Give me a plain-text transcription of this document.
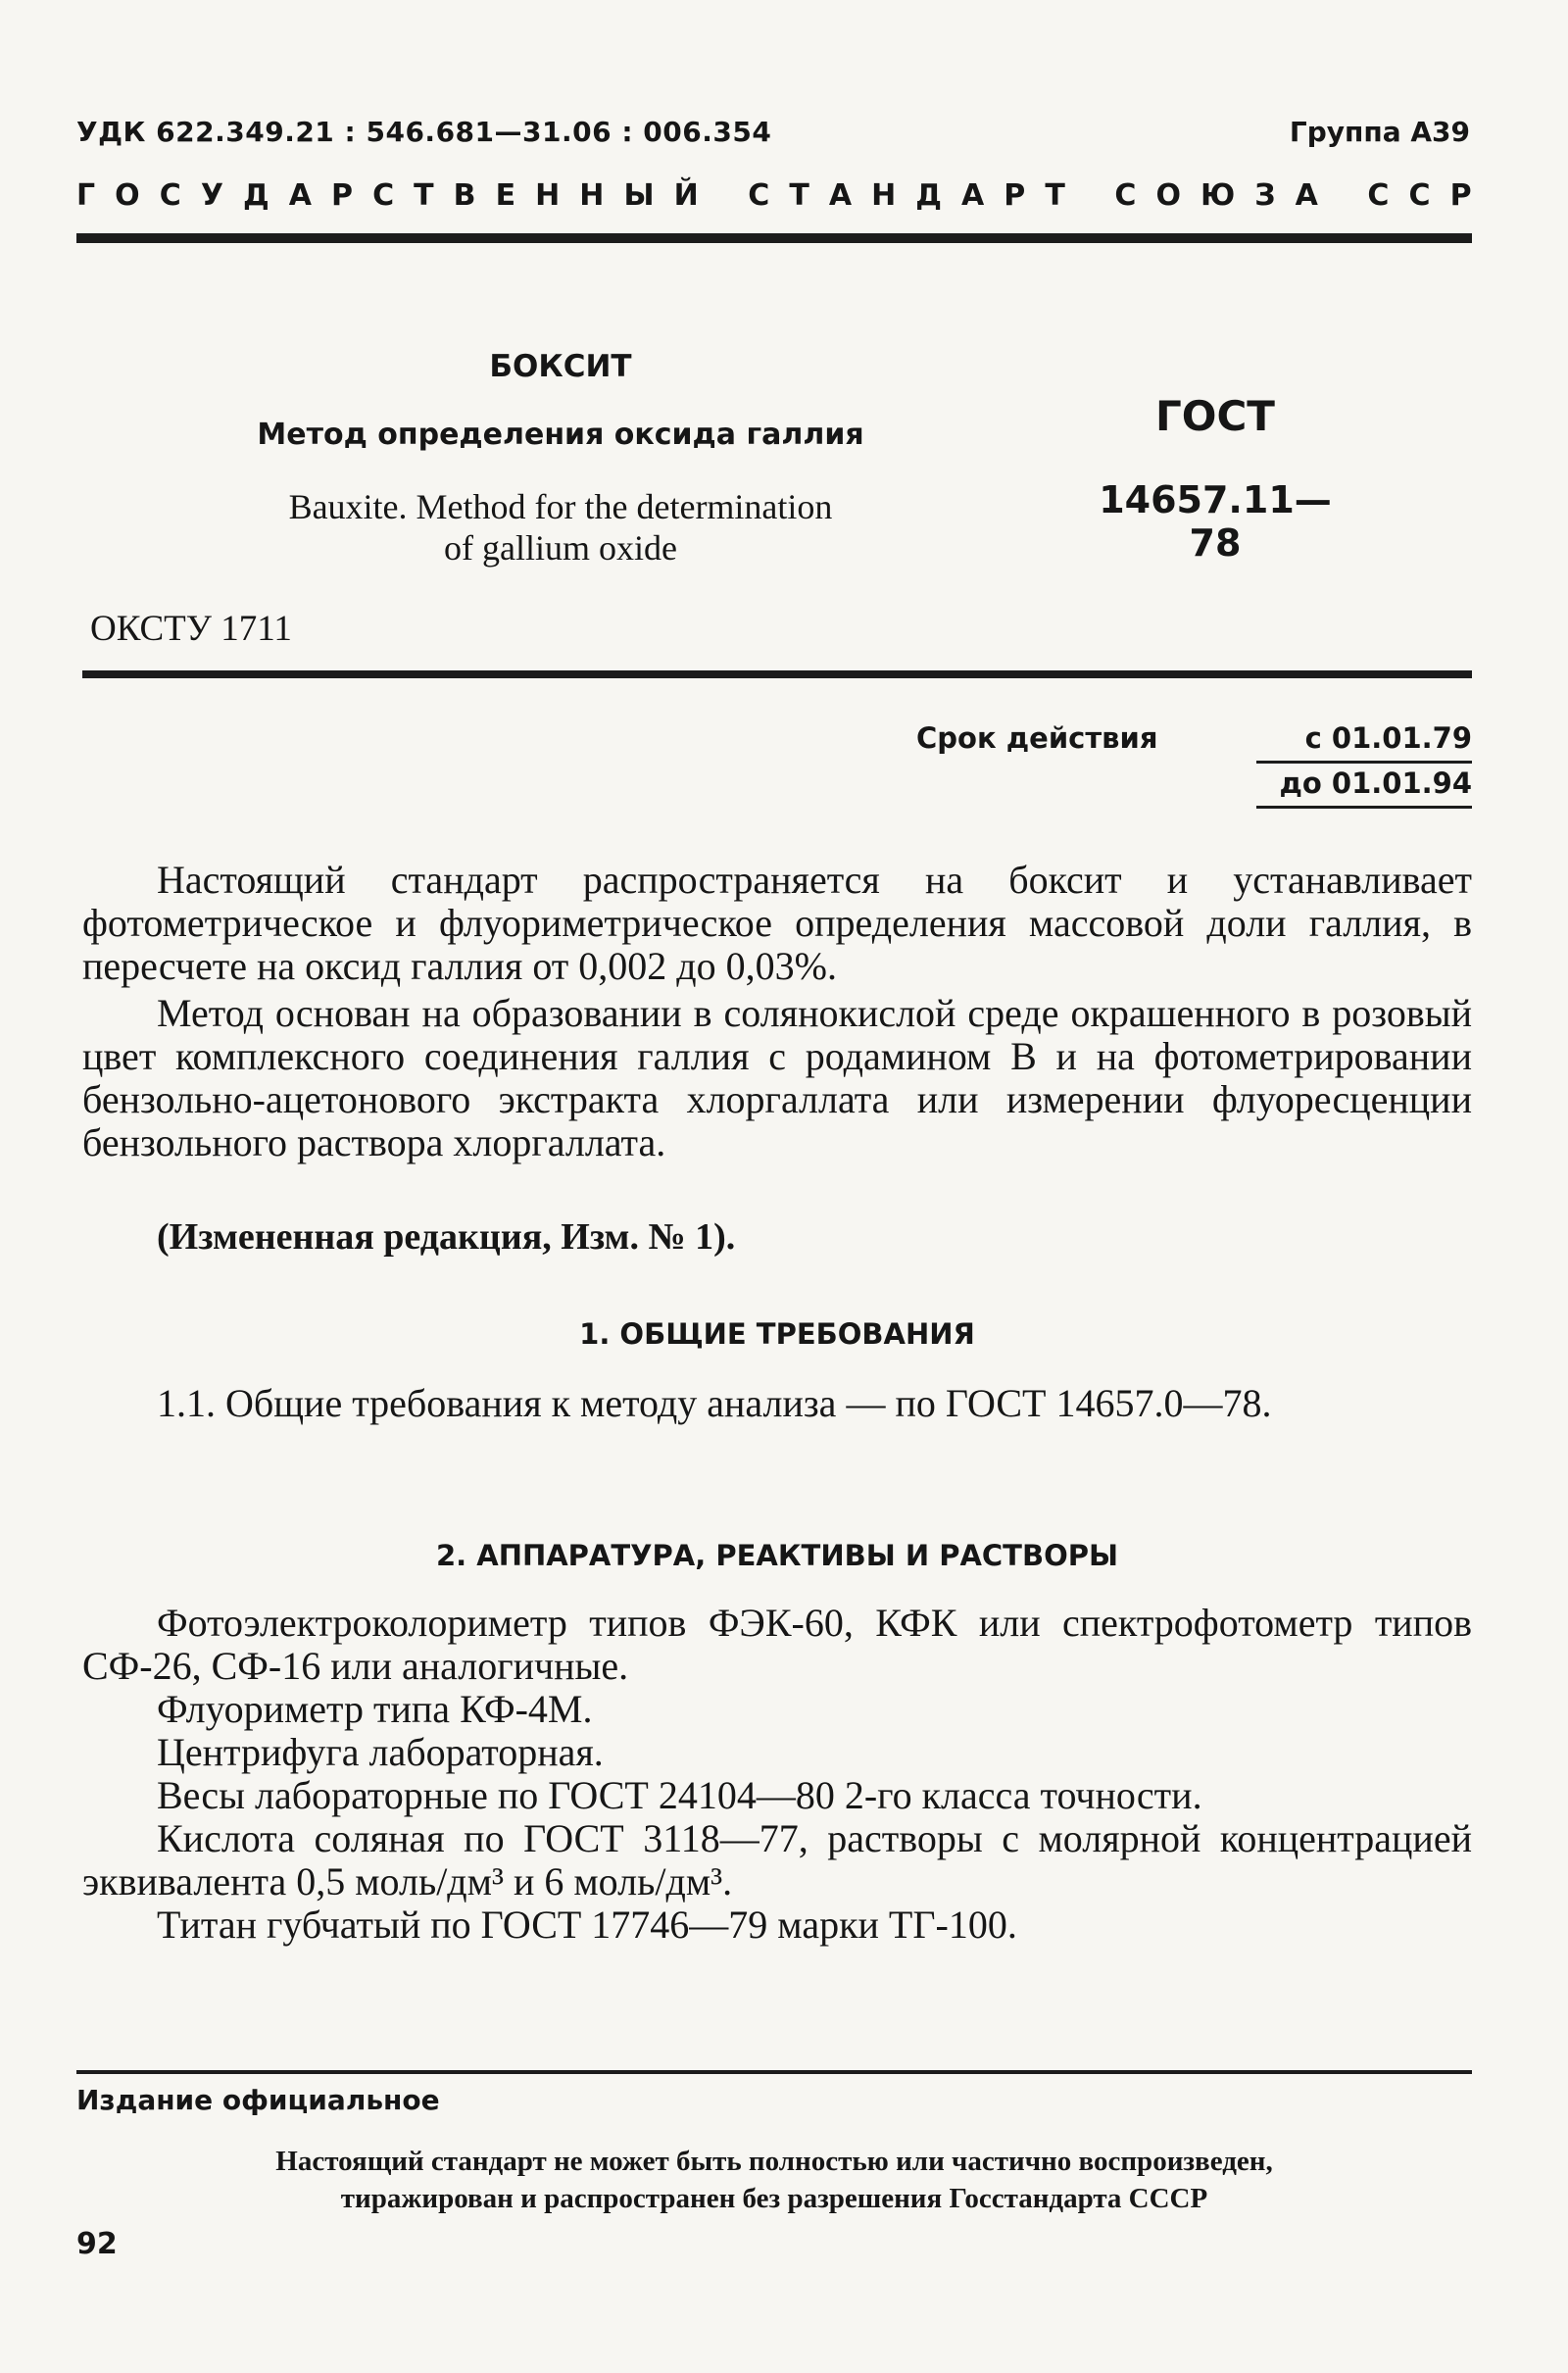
УДК 622.349.21 : 546.681—31.06 : 006.354	Группа А39
Г О С У Д А Р С Т В Е Н Н Ы Й
С Т А Н Д А Р Т
С О Ю З А
С С Р
БОКСИТ
Метод определения оксида галлия
Bauxite. Method for the determination
of gallium oxide
ГОСТ
14657.11—78
ОКСТУ 1711
Срок действия	с 01.01.79
до 01.01.94

Настоящий стандарт распространяется на боксит и устанавливает фотометрическое и флуориметрическое определения массовой доли галлия, в пересчете на оксид галлия от 0,002 до 0,03%.

Метод основан на образовании в солянокислой среде окрашенного в розовый цвет комплексного соединения галлия с родамином В и на фотометрировании бензольно-ацетонового экстракта хлоргаллата или измерении флуоресценции бензольного раствора хлоргаллата.

(Измененная редакция, Изм. № 1).

1. ОБЩИЕ ТРЕБОВАНИЯ

1.1. Общие требования к методу анализа — по ГОСТ 14657.0—78.

2. АППАРАТУРА, РЕАКТИВЫ И РАСТВОРЫ

Фотоэлектроколориметр типов ФЭК-60, КФК или спектрофотометр типов СФ-26, СФ-16 или аналогичные.

Флуориметр типа КФ-4М.

Центрифуга лабораторная.

Весы лабораторные по ГОСТ 24104—80 2-го класса точности.

Кислота соляная по ГОСТ 3118—77, растворы с молярной концентрацией эквивалента 0,5 моль/дм³ и 6 моль/дм³.

Титан губчатый по ГОСТ 17746—79 марки ТГ-100.

Издание официальное
Настоящий стандарт не может быть полностью или частично воспроизведен,
тиражирован и распространен без разрешения Госстандарта СССР
92
